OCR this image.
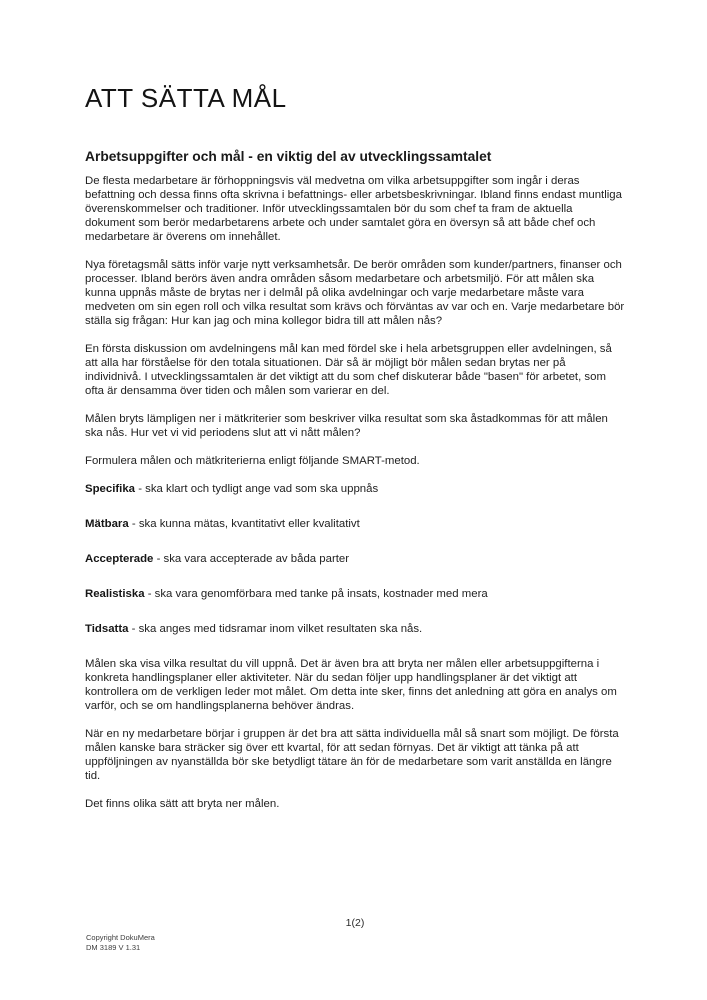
ATT SÄTTA MÅL
Arbetsuppgifter och mål - en viktig del av utvecklingssamtalet

De flesta medarbetare är förhoppningsvis väl medvetna om vilka arbetsuppgifter som ingår i deras befattning och dessa finns ofta skrivna i befattnings- eller arbetsbeskrivningar. Ibland finns endast muntliga överenskommelser och traditioner. Inför utvecklingssamtalen bör du som chef ta fram de aktuella dokument som berör medarbetarens arbete och under samtalet göra en översyn så att både chef och medarbetare är överens om innehållet.

Nya företagsmål sätts inför varje nytt verksamhetsår. De berör områden som kunder/partners, finanser och processer. Ibland berörs även andra områden såsom medarbetare och arbetsmiljö. För att målen ska kunna uppnås måste de brytas ner i delmål på olika avdelningar och varje medarbetare måste vara medveten om sin egen roll och vilka resultat som krävs och förväntas av var och en. Varje medarbetare bör ställa sig frågan: Hur kan jag och mina kollegor bidra till att målen nås?

En första diskussion om avdelningens mål kan med fördel ske i hela arbetsgruppen eller avdelningen, så att alla har förståelse för den totala situationen. Där så är möjligt bör målen sedan brytas ner på individnivå. I utvecklingssamtalen är det viktigt att du som chef diskuterar både "basen" för arbetet, som ofta är densamma över tiden och målen som varierar en del.

Målen bryts lämpligen ner i mätkriterier som beskriver vilka resultat som ska åstadkommas för att målen ska nås. Hur vet vi vid periodens slut att vi nått målen?

Formulera målen och mätkriterierna enligt följande SMART-metod.

Specifika - ska klart och tydligt ange vad som ska uppnås

Mätbara - ska kunna mätas, kvantitativt eller kvalitativt

Accepterade - ska vara accepterade av båda parter

Realistiska - ska vara genomförbara med tanke på insats, kostnader med mera

Tidsatta - ska anges med tidsramar inom vilket resultaten ska nås.

Målen ska visa vilka resultat du vill uppnå. Det är även bra att bryta ner målen eller arbetsuppgifterna i konkreta handlingsplaner eller aktiviteter. När du sedan följer upp handlingsplaner är det viktigt att kontrollera om de verkligen leder mot målet. Om detta inte sker, finns det anledning att göra en analys om varför, och se om handlingsplanerna behöver ändras.

När en ny medarbetare börjar i gruppen är det bra att sätta individuella mål så snart som möjligt. De första målen kanske bara sträcker sig över ett kvartal, för att sedan förnyas. Det är viktigt att tänka på att uppföljningen av nyanställda bör ske betydligt tätare än för de medarbetare som varit anställda en längre tid.

Det finns olika sätt att bryta ner målen.

1(2)
Copyright DokuMera
DM 3189 V 1.31
